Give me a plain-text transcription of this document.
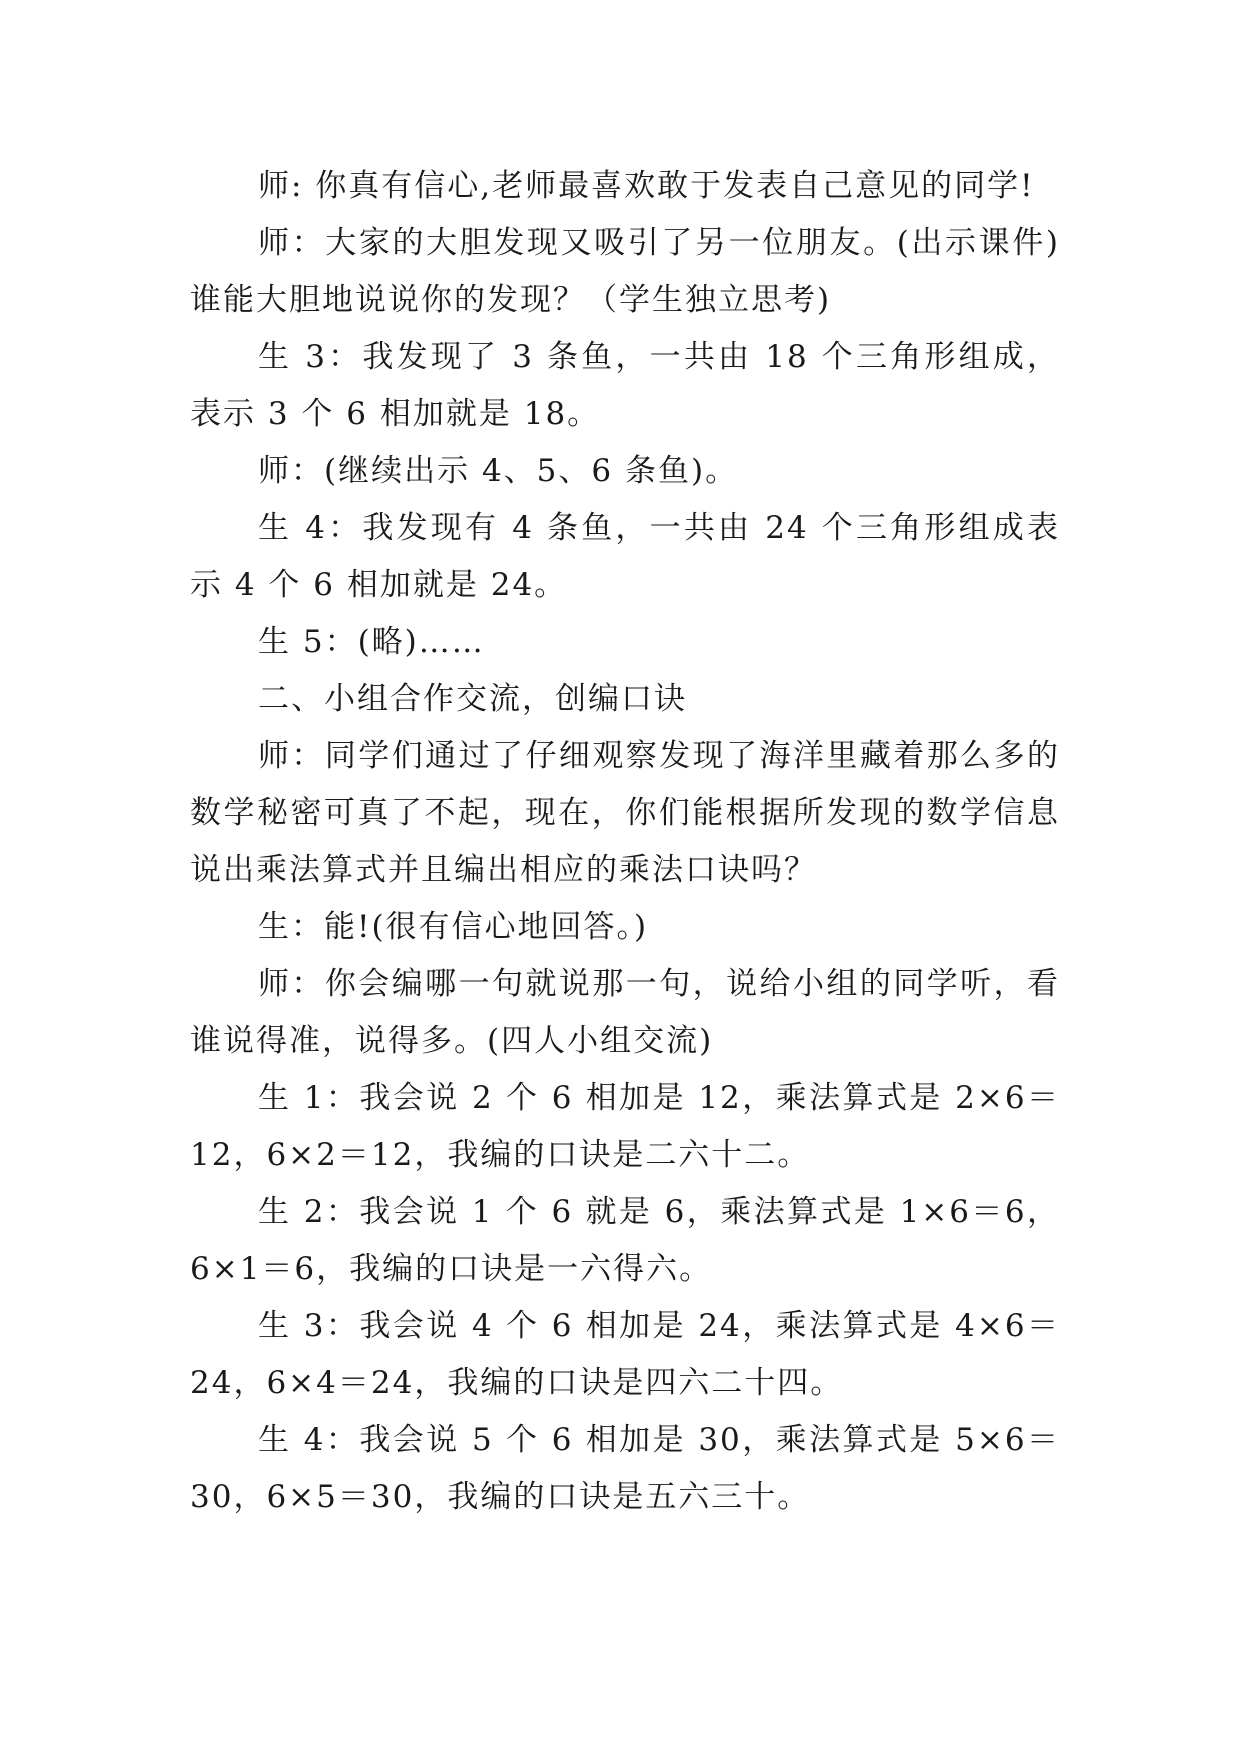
师: 你真有信心,老师最喜欢敢于发表自己意见的同学!

师：大家的大胆发现又吸引了另一位朋友。(出示课件)谁能大胆地说说你的发现？（学生独立思考)

生 3：我发现了 3 条鱼，一共由 18 个三角形组成，表示 3 个 6 相加就是 18。

师：(继续出示 4、5、6 条鱼)。

生 4：我发现有 4 条鱼，一共由 24 个三角形组成表示 4 个 6 相加就是 24。

生 5：(略)……

二、小组合作交流，创编口诀

师：同学们通过了仔细观察发现了海洋里藏着那么多的数学秘密可真了不起，现在，你们能根据所发现的数学信息说出乘法算式并且编出相应的乘法口诀吗？

生：能!(很有信心地回答。)

师：你会编哪一句就说那一句，说给小组的同学听，看谁说得准，说得多。(四人小组交流)

生 1：我会说 2 个 6 相加是 12，乘法算式是 2×6＝12，6×2＝12，我编的口诀是二六十二。

生 2：我会说 1 个 6 就是 6，乘法算式是 1×6＝6，6×1＝6，我编的口诀是一六得六。

生 3：我会说 4 个 6 相加是 24，乘法算式是 4×6＝24，6×4＝24，我编的口诀是四六二十四。

生 4：我会说 5 个 6 相加是 30，乘法算式是 5×6＝30，6×5＝30，我编的口诀是五六三十。
